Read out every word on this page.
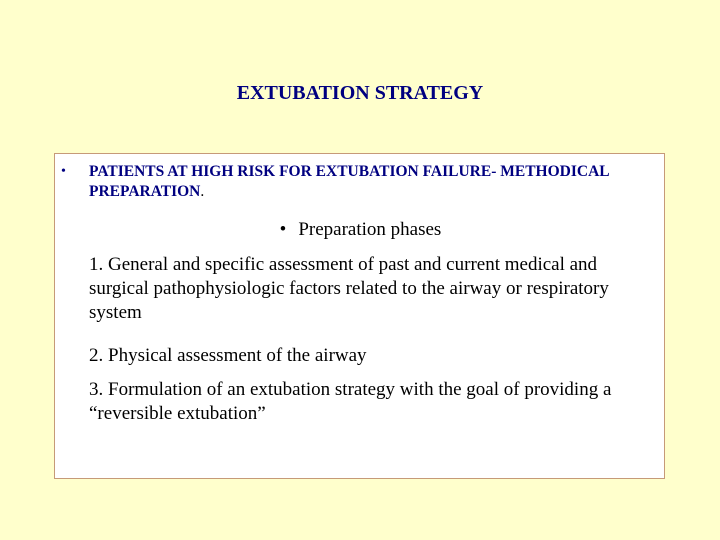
EXTUBATION STRATEGY
• PATIENTS AT HIGH RISK FOR EXTUBATION FAILURE- METHODICAL PREPARATION.
• Preparation phases
1. General and specific assessment of past and current medical and surgical pathophysiologic factors related to the airway or respiratory system
2. Physical assessment of the airway
3. Formulation of an extubation strategy with the goal of providing a “reversible extubation”
